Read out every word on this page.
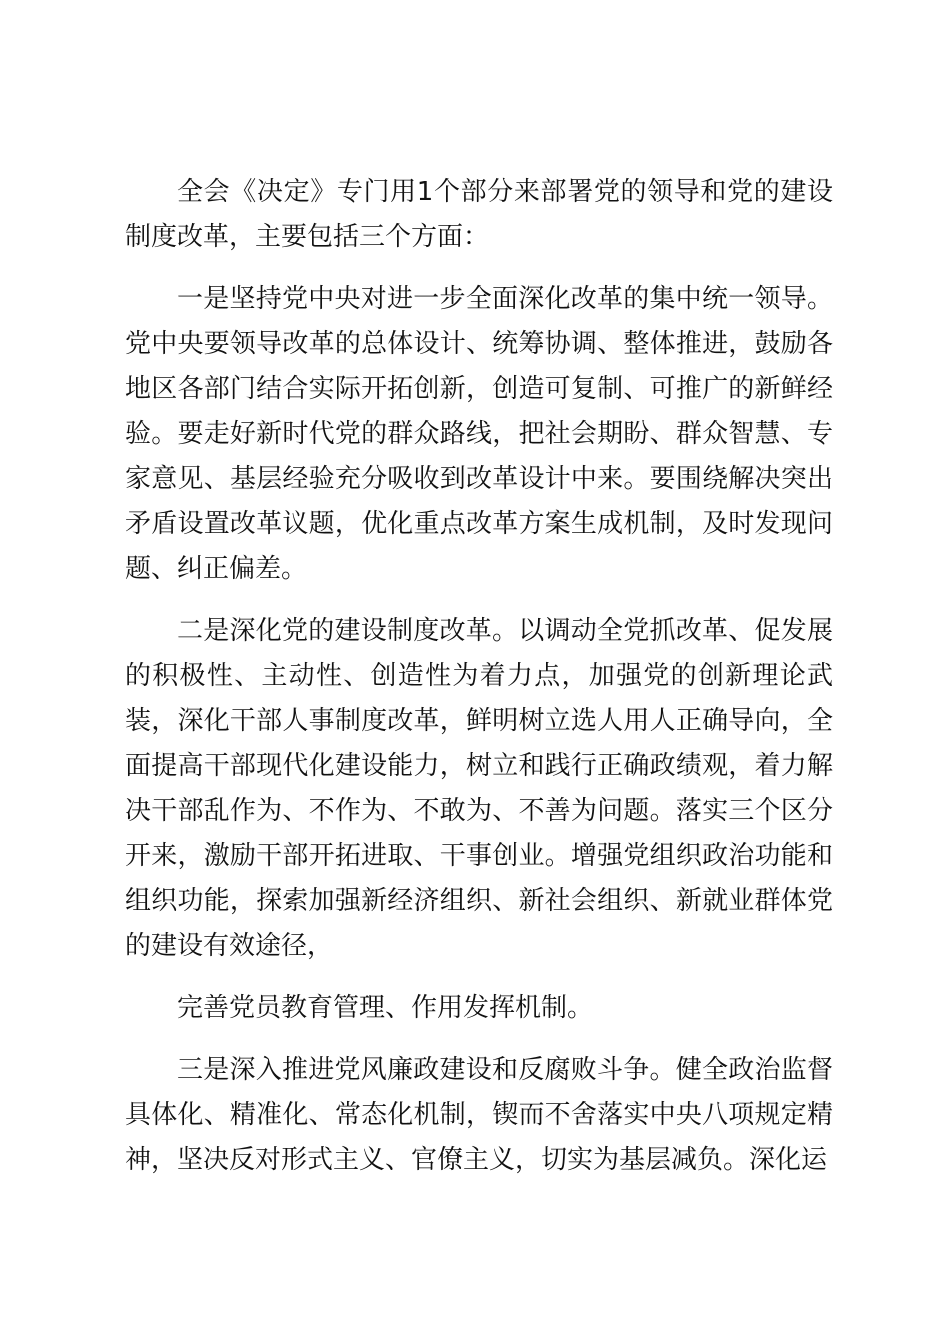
全会《决定》专门用1个部分来部署党的领导和党的建设制度改革，主要包括三个方面：

一是坚持党中央对进一步全面深化改革的集中统一领导。党中央要领导改革的总体设计、统筹协调、整体推进，鼓励各地区各部门结合实际开拓创新，创造可复制、可推广的新鲜经验。要走好新时代党的群众路线，把社会期盼、群众智慧、专家意见、基层经验充分吸收到改革设计中来。要围绕解决突出矛盾设置改革议题，优化重点改革方案生成机制，及时发现问题、纠正偏差。

二是深化党的建设制度改革。以调动全党抓改革、促发展的积极性、主动性、创造性为着力点，加强党的创新理论武装，深化干部人事制度改革，鲜明树立选人用人正确导向，全面提高干部现代化建设能力，树立和践行正确政绩观，着力解决干部乱作为、不作为、不敢为、不善为问题。落实三个区分开来，激励干部开拓进取、干事创业。增强党组织政治功能和组织功能，探索加强新经济组织、新社会组织、新就业群体党的建设有效途径，

完善党员教育管理、作用发挥机制。

三是深入推进党风廉政建设和反腐败斗争。健全政治监督具体化、精准化、常态化机制，锲而不舍落实中央八项规定精神，坚决反对形式主义、官僚主义，切实为基层减负。深化运
